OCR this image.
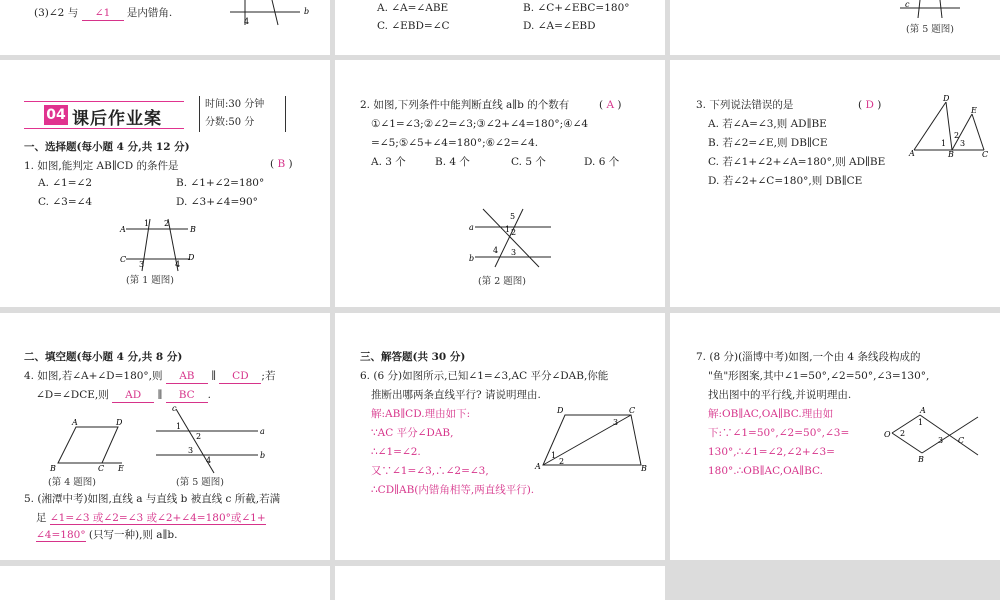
(3)∠2 与 ∠1 是内错角.
4
b	A. ∠A=∠ABE	B. ∠C+∠EBC=180°
C. ∠EBD=∠C	D. ∠A=∠EBD
c
(第 5 题图)
04 课后作业案
时间:30 分钟
分数:50 分
一、选择题(每小题 4 分,共 12 分)
1. 如图,能判定 AB∥CD 的条件是	( B )
A. ∠1=∠2	B. ∠1+∠2=180°
C. ∠3=∠4	D. ∠3+∠4=90°
A	B
C	D
1 2
3	4
(第 1 题图)
2. 如图,下列条件中能判断直线 a∥b 的个数有	( A )
①∠1=∠3;②∠2=∠3;③∠2+∠4=180°;④∠4
=∠5;⑤∠5+∠4=180°;⑥∠2=∠4.
A. 3 个	B. 4 个	C. 5 个	D. 6 个
a
b
5
1 2
4 3
(第 2 题图)
3. 下列说法错误的是	( D )
A. 若∠A=∠3,则 AD∥BE
B. 若∠2=∠E,则 DB∥CE
C. 若∠1+∠2+∠A=180°,则 AD∥BE
D. 若∠2+∠C=180°,则 DB∥CE
D
E
A	B	C
1
2
3
二、填空题(每小题 4 分,共 8 分)
4. 如图,若∠A+∠D=180°,则 AB ∥ CD ;若
∠D=∠DCE,则 AD ∥ BC .
A	D
B	C E
(第 4 题图)
c
a
b
1
2
3
4
(第 5 题图)
5. (湘潭中考)如图,直线 a 与直线 b 被直线 c 所截,若满
足 ∠1=∠3 或∠2=∠3 或∠2+∠4=180°或∠1+
∠4=180° (只写一种),则 a∥b.
三、解答题(共 30 分)
6. (6 分)如图所示,已知∠1=∠3,AC 平分∠DAB,你能
推断出哪两条直线平行? 请说明理由.
解:AB∥CD.理由如下:
∵AC 平分∠DAB,
∴∠1=∠2.
又∵∠1=∠3,∴∠2=∠3,
∴CD∥AB(内错角相等,两直线平行).
D	C
A	B
3
1
2
7. (8 分)(淄博中考)如图,一个由 4 条线段构成的
"鱼"形图案,其中∠1=50°,∠2=50°,∠3=130°,
找出图中的平行线,并说明理由.
解:OB∥AC,OA∥BC.理由如
下:∵∠1=50°,∠2=50°,∠3=
130°,∴∠1=∠2,∠2+∠3=
180°.∴OB∥AC,OA∥BC.
O
A
B
C
1
2
3
